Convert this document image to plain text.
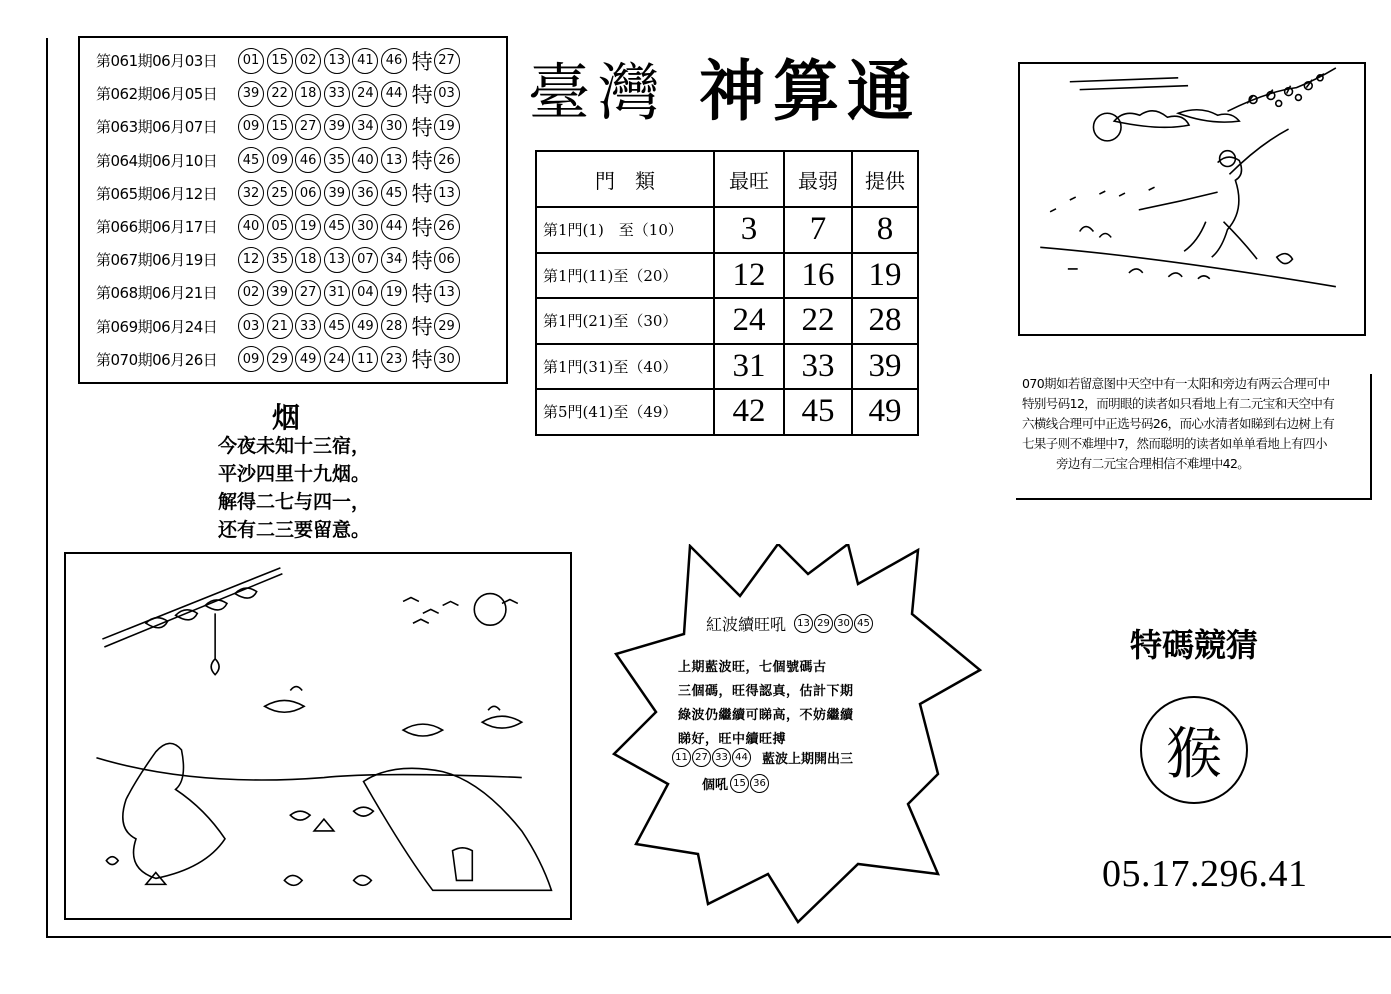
第061期06月03日	01 15 02 13 41 46 特 27
第062期06月05日	39 22 18 33 24 44 特 03
第063期06月07日	09 15 27 39 34 30 特 19
第064期06月10日	45 09 46 35 40 13 特 26
第065期06月12日	32 25 06 39 36 45 特 13
第066期06月17日	40 05 19 45 30 44 特 26
第067期06月19日	12 35 18 13 07 34 特 06
第068期06月21日	02 39 27 31 04 19 特 13
第069期06月24日	03 21 33 45 49 28 特 29
第070期06月26日	09 29 49 24 11 23 特 30
臺灣 神算通
門　類	最旺	最弱	提供
第1門(1)　至（10）	3	7	8
第1門(11)至（20）	12	16	19
第1門(21)至（30）	24	22	28
第1門(31)至（40）	31	33	39
第5門(41)至（49）	42	45	49
烟
今夜未知十三宿，
平沙四里十九烟。
解得二七与四一，
还有二三要留意。
070期如若留意图中天空中有一太阳和旁边有两云合理可中
特别号码12，而明眼的读者如只看地上有二元宝和天空中有
六横线合理可中正选号码26，而心水清者如睇到右边树上有
七果子则不难埋中7，然而聪明的读者如单单看地上有四小
旁边有二元宝合理相信不难埋中42。
紅波續旺吼	13 29 30 45
上期藍波旺，七個號碼古
三個碼，旺得認真，估計下期
綠波仍繼續可睇高，不妨繼續
睇好，旺中續旺搏
11 27 33 44 藍波上期開出三
個吼 15 36
特碼競猜
猴
05.17.296.41
